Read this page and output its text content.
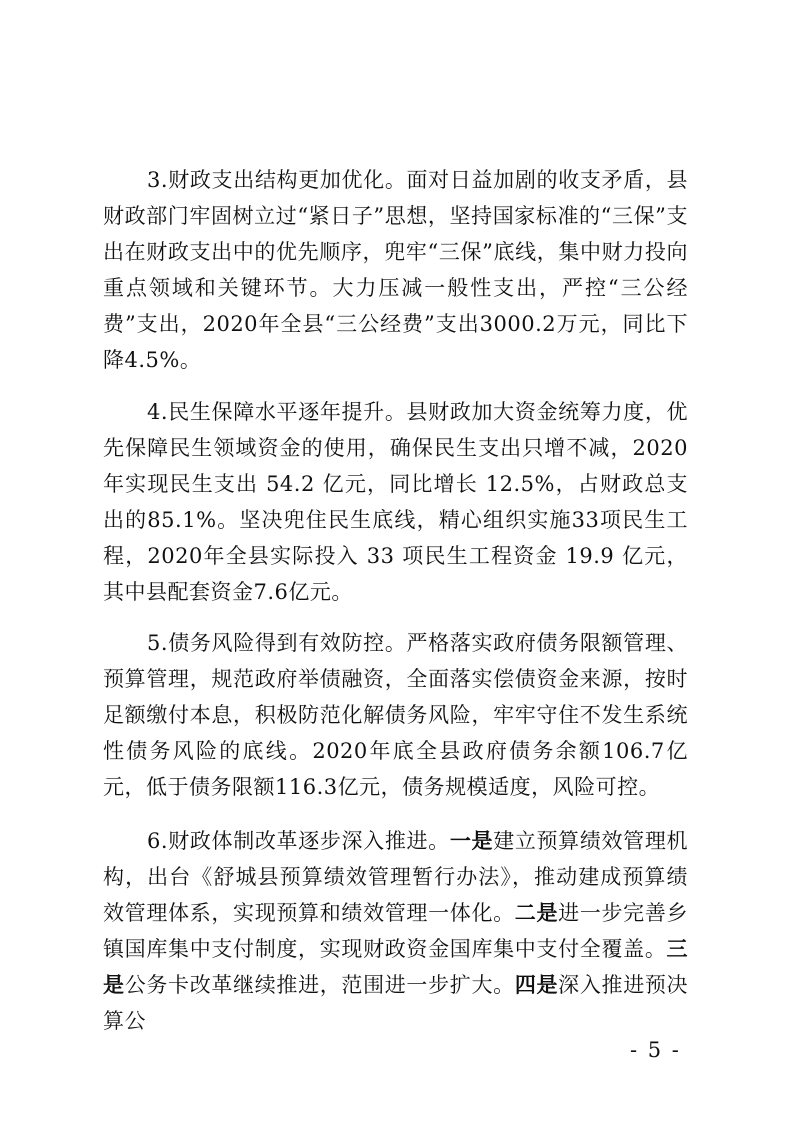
3.财政支出结构更加优化。面对日益加剧的收支矛盾，县财政部门牢固树立过“紧日子”思想，坚持国家标准的“三保”支出在财政支出中的优先顺序，兜牢“三保”底线，集中财力投向重点领域和关键环节。大力压减一般性支出，严控“三公经费”支出，2020年全县“三公经费”支出3000.2万元，同比下降4.5%。

4.民生保障水平逐年提升。县财政加大资金统筹力度，优先保障民生领域资金的使用，确保民生支出只增不减，2020年实现民生支出 54.2 亿元，同比增长 12.5%，占财政总支出的85.1%。坚决兜住民生底线，精心组织实施33项民生工程，2020年全县实际投入 33 项民生工程资金 19.9 亿元，其中县配套资金7.6亿元。

5.债务风险得到有效防控。严格落实政府债务限额管理、预算管理，规范政府举债融资，全面落实偿债资金来源，按时足额缴付本息，积极防范化解债务风险，牢牢守住不发生系统性债务风险的底线。2020年底全县政府债务余额106.7亿元，低于债务限额116.3亿元，债务规模适度，风险可控。

6.财政体制改革逐步深入推进。一是建立预算绩效管理机构，出台《舒城县预算绩效管理暂行办法》，推动建成预算绩效管理体系，实现预算和绩效管理一体化。二是进一步完善乡镇国库集中支付制度，实现财政资金国库集中支付全覆盖。三是公务卡改革继续推进，范围进一步扩大。四是深入推进预决算公

- 5 -
